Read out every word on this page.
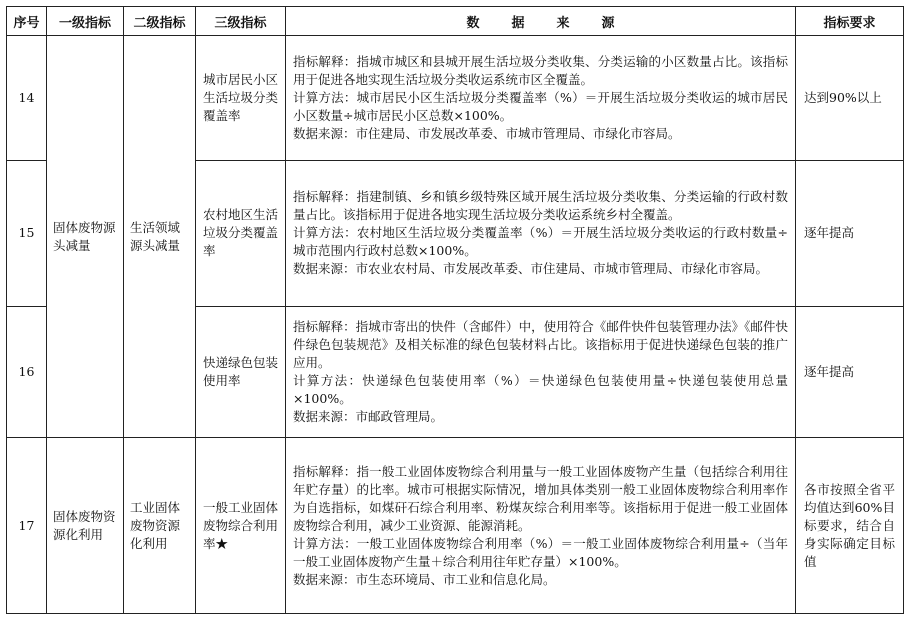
序号	一级指标	二级指标	三级指标	数 据 来 源	指标要求
14	固体废物源头减量	生活领域源头减量	城市居民小区生活垃圾分类覆盖率	指标解释：指城市城区和县城开展生活垃圾分类收集、分类运输的小区数量占比。该指标用于促进各地实现生活垃圾分类收运系统市区全覆盖。
计算方法：城市居民小区生活垃圾分类覆盖率（%）＝开展生活垃圾分类收运的城市居民小区数量÷城市居民小区总数×100%。
数据来源：市住建局、市发展改革委、市城市管理局、市绿化市容局。	达到90%以上
15			农村地区生活垃圾分类覆盖率	指标解释：指建制镇、乡和镇乡级特殊区域开展生活垃圾分类收集、分类运输的行政村数量占比。该指标用于促进各地实现生活垃圾分类收运系统乡村全覆盖。
计算方法：农村地区生活垃圾分类覆盖率（%）＝开展生活垃圾分类收运的行政村数量÷城市范围内行政村总数×100%。
数据来源：市农业农村局、市发展改革委、市住建局、市城市管理局、市绿化市容局。	逐年提高
16			快递绿色包装使用率	指标解释：指城市寄出的快件（含邮件）中，使用符合《邮件快件包装管理办法》《邮件快件绿色包装规范》及相关标准的绿色包装材料占比。该指标用于促进快递绿色包装的推广应用。
计算方法：快递绿色包装使用率（%）＝快递绿色包装使用量÷快递包装使用总量×100%。
数据来源：市邮政管理局。	逐年提高
17	固体废物资源化利用	工业固体废物资源化利用	一般工业固体废物综合利用率★	指标解释：指一般工业固体废物综合利用量与一般工业固体废物产生量（包括综合利用往年贮存量）的比率。城市可根据实际情况，增加具体类别一般工业固体废物综合利用率作为自选指标，如煤矸石综合利用率、粉煤灰综合利用率等。该指标用于促进一般工业固体废物综合利用，减少工业资源、能源消耗。
计算方法：一般工业固体废物综合利用率（%）＝一般工业固体废物综合利用量÷（当年一般工业固体废物产生量＋综合利用往年贮存量）×100%。
数据来源：市生态环境局、市工业和信息化局。	各市按照全省平均值达到60%目标要求，结合自身实际确定目标值
